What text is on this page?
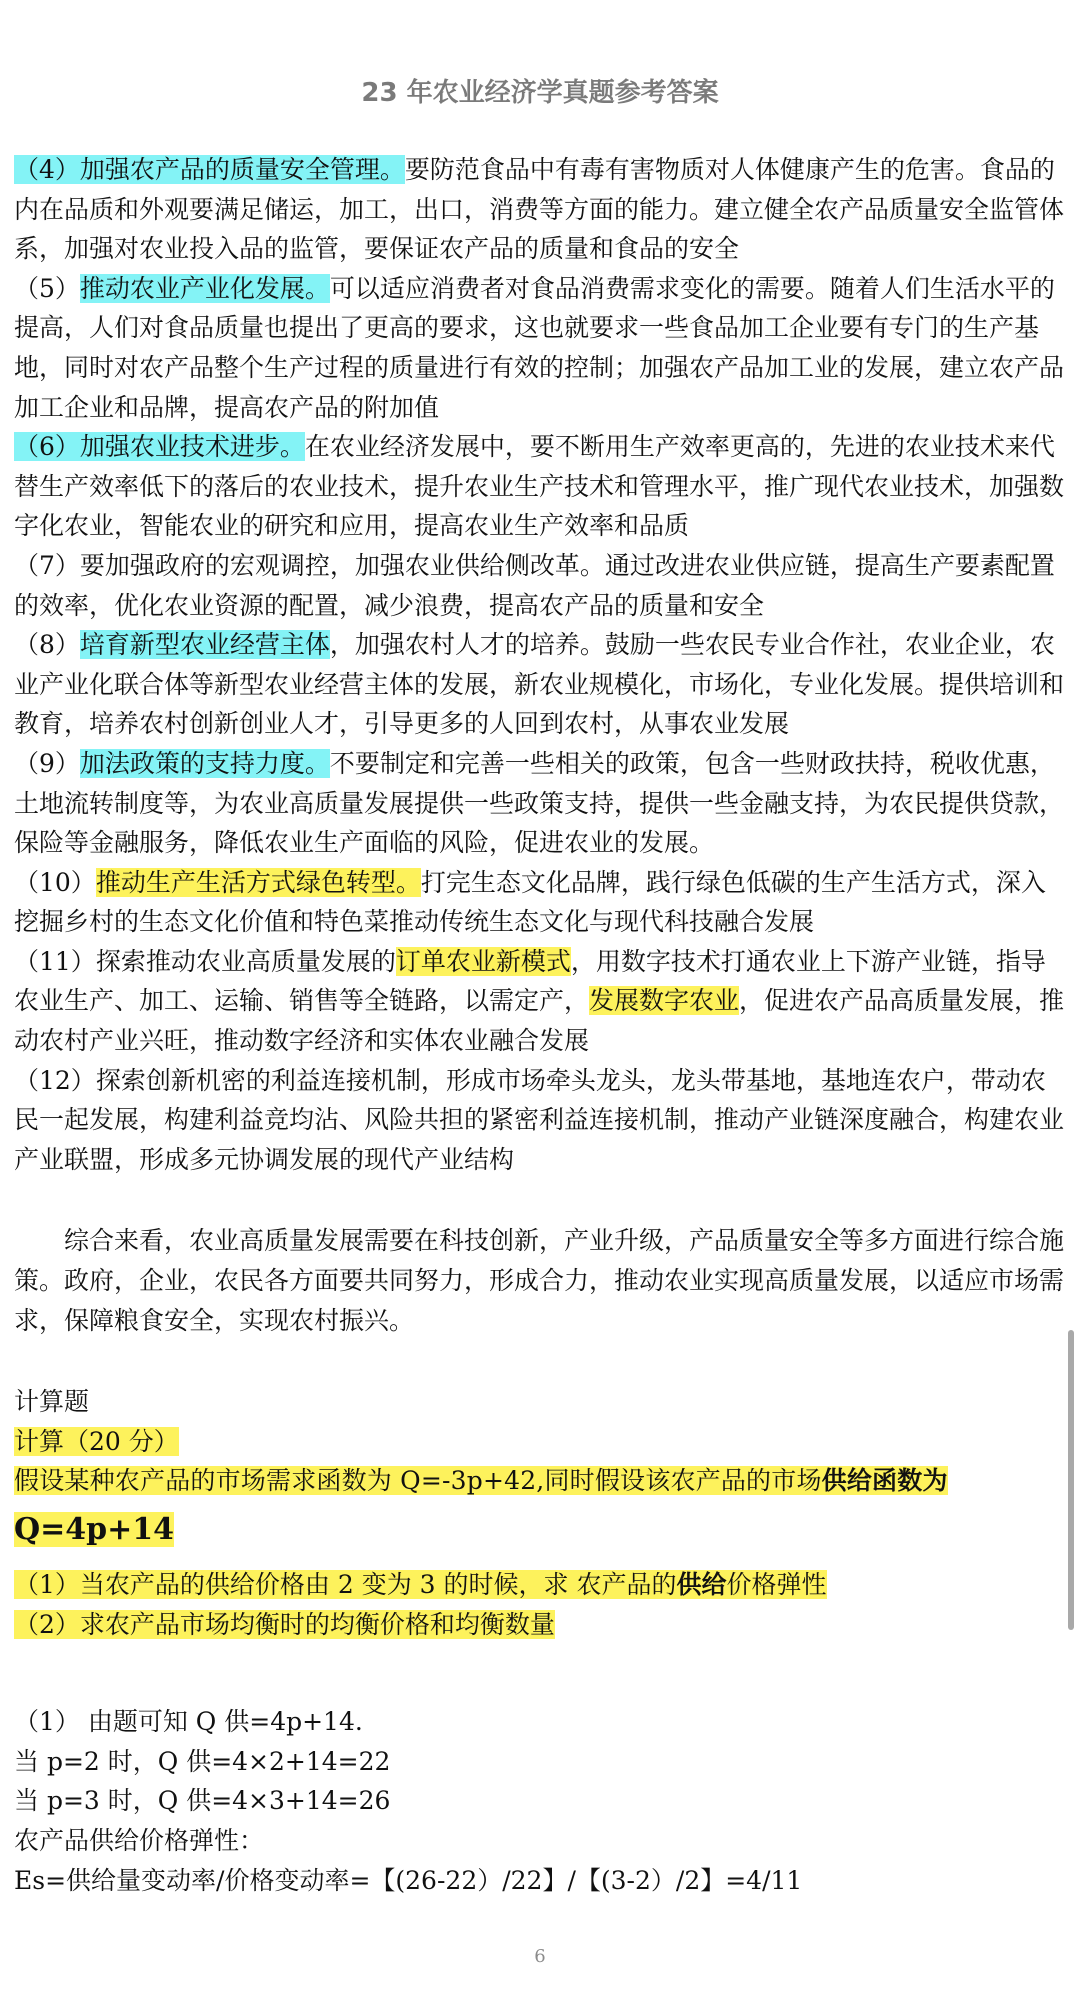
23 年农业经济学真题参考答案

（4）加强农产品的质量安全管理。要防范食品中有毒有害物质对人体健康产生的危害。食品的内在品质和外观要满足储运，加工，出口，消费等方面的能力。建立健全农产品质量安全监管体系，加强对农业投入品的监管，要保证农产品的质量和食品的安全

（5）推动农业产业化发展。可以适应消费者对食品消费需求变化的需要。随着人们生活水平的提高，人们对食品质量也提出了更高的要求，这也就要求一些食品加工企业要有专门的生产基地，同时对农产品整个生产过程的质量进行有效的控制；加强农产品加工业的发展，建立农产品加工企业和品牌，提高农产品的附加值

（6）加强农业技术进步。在农业经济发展中，要不断用生产效率更高的，先进的农业技术来代替生产效率低下的落后的农业技术，提升农业生产技术和管理水平，推广现代农业技术，加强数字化农业，智能农业的研究和应用，提高农业生产效率和品质

（7）要加强政府的宏观调控，加强农业供给侧改革。通过改进农业供应链，提高生产要素配置的效率，优化农业资源的配置，减少浪费，提高农产品的质量和安全

（8）培育新型农业经营主体，加强农村人才的培养。鼓励一些农民专业合作社，农业企业，农业产业化联合体等新型农业经营主体的发展，新农业规模化，市场化，专业化发展。提供培训和教育，培养农村创新创业人才，引导更多的人回到农村，从事农业发展

（9）加法政策的支持力度。不要制定和完善一些相关的政策，包含一些财政扶持，税收优惠，土地流转制度等，为农业高质量发展提供一些政策支持，提供一些金融支持，为农民提供贷款，保险等金融服务，降低农业生产面临的风险，促进农业的发展。

（10）推动生产生活方式绿色转型。打完生态文化品牌，践行绿色低碳的生产生活方式，深入挖掘乡村的生态文化价值和特色菜推动传统生态文化与现代科技融合发展

（11）探索推动农业高质量发展的订单农业新模式，用数字技术打通农业上下游产业链，指导农业生产、加工、运输、销售等全链路，以需定产，发展数字农业，促进农产品高质量发展，推动农村产业兴旺，推动数字经济和实体农业融合发展

（12）探索创新机密的利益连接机制，形成市场牵头龙头，龙头带基地，基地连农户，带动农民一起发展，构建利益竞均沾、风险共担的紧密利益连接机制，推动产业链深度融合，构建农业产业联盟，形成多元协调发展的现代产业结构

综合来看，农业高质量发展需要在科技创新，产业升级，产品质量安全等多方面进行综合施策。政府，企业，农民各方面要共同努力，形成合力，推动农业实现高质量发展，以适应市场需求，保障粮食安全，实现农村振兴。

计算题

计算（20 分）

假设某种农产品的市场需求函数为 Q=-3p+42,同时假设该农产品的市场供给函数为

Q=4p+14

（1）当农产品的供给价格由 2 变为 3 的时候，求 农产品的供给价格弹性

（2）求农产品市场均衡时的均衡价格和均衡数量

（1） 由题可知 Q 供=4p+14.

当 p=2 时，Q 供=4×2+14=22

当 p=3 时，Q 供=4×3+14=26

农产品供给价格弹性：

Es=供给量变动率/价格变动率=【(26-22）/22】/【(3-2）/2】=4/11

6
